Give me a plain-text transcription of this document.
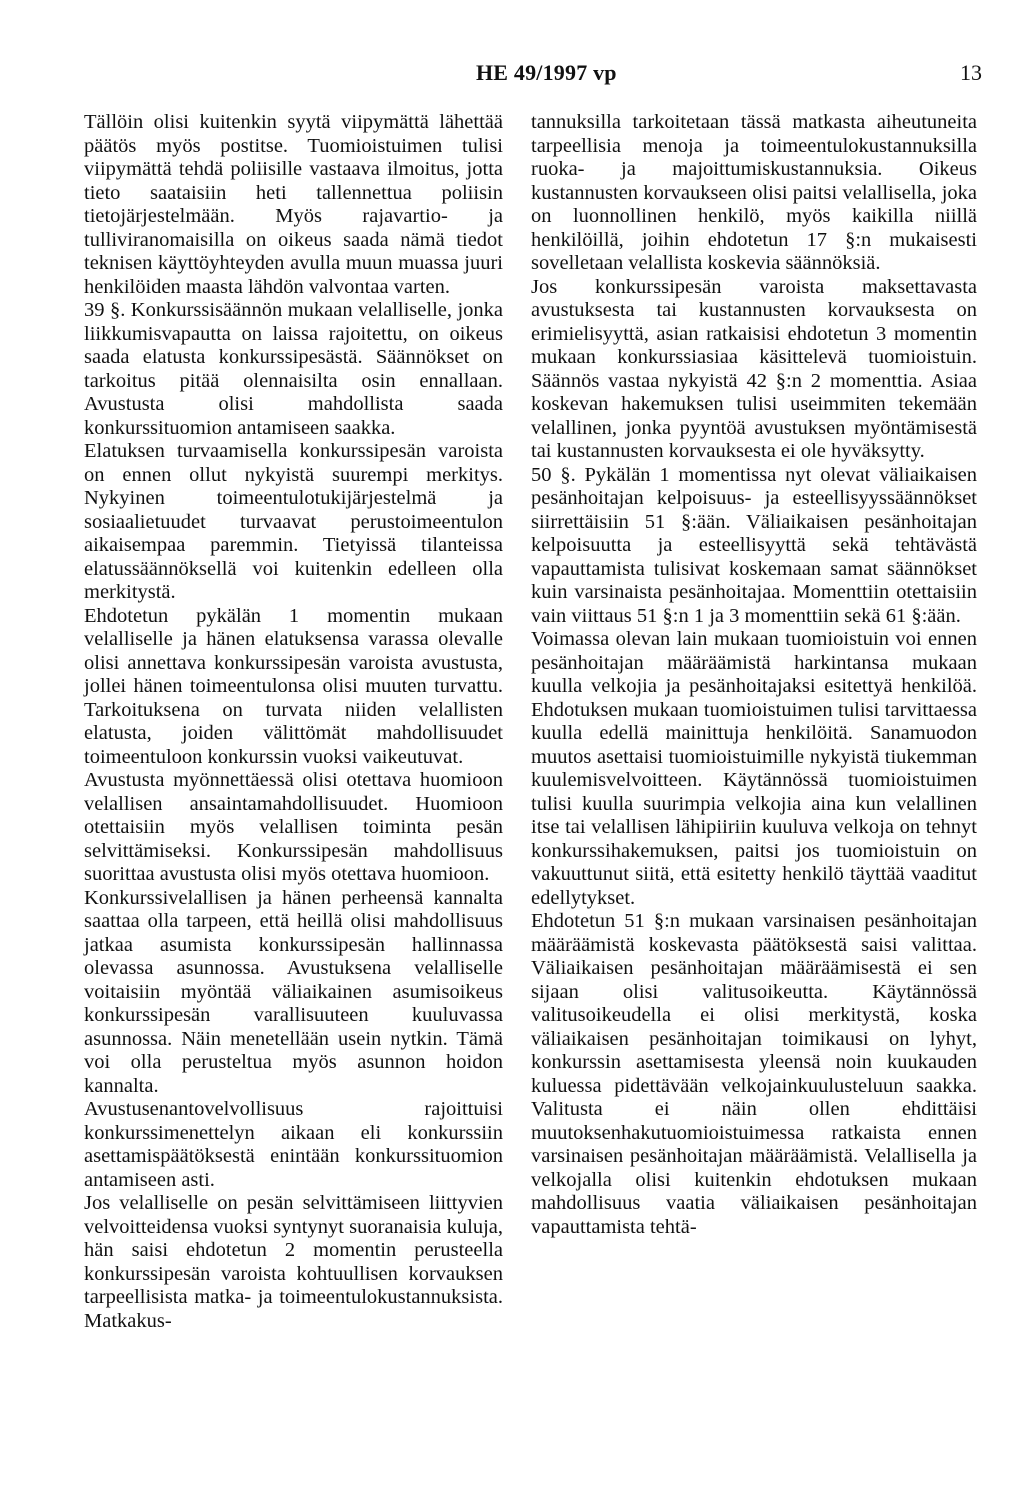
HE 49/1997 vp	13

Tällöin olisi kuitenkin syytä viipymättä lähettää päätös myös postitse. Tuomioistuimen tulisi viipymättä tehdä poliisille vastaava ilmoitus, jotta tieto saataisiin heti tallennettua poliisin tietojärjestelmään. Myös rajavartio- ja tulliviranomaisilla on oikeus saada nämä tiedot teknisen käyttöyhteyden avulla muun muassa juuri henkilöiden maasta lähdön valvontaa varten.

39 §. Konkurssisäännön mukaan velalliselle, jonka liikkumisvapautta on laissa rajoitettu, on oikeus saada elatusta konkurssipesästä. Säännökset on tarkoitus pitää olennaisilta osin ennallaan. Avustusta olisi mahdollista saada konkurssituomion antamiseen saakka.

Elatuksen turvaamisella konkurssipesän varoista on ennen ollut nykyistä suurempi merkitys. Nykyinen toimeentulotukijärjestelmä ja sosiaalietuudet turvaavat perustoimeentulon aikaisempaa paremmin. Tietyissä tilanteissa elatussäännöksellä voi kuitenkin edelleen olla merkitystä.

Ehdotetun pykälän 1 momentin mukaan velalliselle ja hänen elatuksensa varassa olevalle olisi annettava konkurssipesän varoista avustusta, jollei hänen toimeentulonsa olisi muuten turvattu. Tarkoituksena on turvata niiden velallisten elatusta, joiden välittömät mahdollisuudet toimeentuloon konkurssin vuoksi vaikeutuvat.

Avustusta myönnettäessä olisi otettava huomioon velallisen ansaintamahdollisuudet. Huomioon otettaisiin myös velallisen toiminta pesän selvittämiseksi. Konkurssipesän mahdollisuus suorittaa avustusta olisi myös otettava huomioon.

Konkurssivelallisen ja hänen perheensä kannalta saattaa olla tarpeen, että heillä olisi mahdollisuus jatkaa asumista konkurssipesän hallinnassa olevassa asunnossa. Avustuksena velalliselle voitaisiin myöntää väliaikainen asumisoikeus konkurssipesän varallisuuteen kuuluvassa asunnossa. Näin menetellään usein nytkin. Tämä voi olla perusteltua myös asunnon hoidon kannalta.

Avustusenantovelvollisuus rajoittuisi konkurssimenettelyn aikaan eli konkurssiin asettamispäätöksestä enintään konkurssituomion antamiseen asti.

Jos velalliselle on pesän selvittämiseen liittyvien velvoitteidensa vuoksi syntynyt suoranaisia kuluja, hän saisi ehdotetun 2 momentin perusteella konkurssipesän varoista kohtuullisen korvauksen tarpeellisista matka- ja toimeentulokustannuksista. Matkakus-

tannuksilla tarkoitetaan tässä matkasta aiheutuneita tarpeellisia menoja ja toimeentulokustannuksilla ruoka- ja majoittumiskustannuksia. Oikeus kustannusten korvaukseen olisi paitsi velallisella, joka on luonnollinen henkilö, myös kaikilla niillä henkilöillä, joihin ehdotetun 17 §:n mukaisesti sovelletaan velallista koskevia säännöksiä.

Jos konkurssipesän varoista maksettavasta avustuksesta tai kustannusten korvauksesta on erimielisyyttä, asian ratkaisisi ehdotetun 3 momentin mukaan konkurssiasiaa käsittelevä tuomioistuin. Säännös vastaa nykyistä 42 §:n 2 momenttia. Asiaa koskevan hakemuksen tulisi useimmiten tekemään velallinen, jonka pyyntöä avustuksen myöntämisestä tai kustannusten korvauksesta ei ole hyväksytty.

50 §. Pykälän 1 momentissa nyt olevat väliaikaisen pesänhoitajan kelpoisuus- ja esteellisyyssäännökset siirrettäisiin 51 §:ään. Väliaikaisen pesänhoitajan kelpoisuutta ja esteellisyyttä sekä tehtävästä vapauttamista tulisivat koskemaan samat säännökset kuin varsinaista pesänhoitajaa. Momenttiin otettaisiin vain viittaus 51 §:n 1 ja 3 momenttiin sekä 61 §:ään.

Voimassa olevan lain mukaan tuomioistuin voi ennen pesänhoitajan määräämistä harkintansa mukaan kuulla velkojia ja pesänhoitajaksi esitettyä henkilöä. Ehdotuksen mukaan tuomioistuimen tulisi tarvittaessa kuulla edellä mainittuja henkilöitä. Sanamuodon muutos asettaisi tuomioistuimille nykyistä tiukemman kuulemisvelvoitteen. Käytännössä tuomioistuimen tulisi kuulla suurimpia velkojia aina kun velallinen itse tai velallisen lähipiiriin kuuluva velkoja on tehnyt konkurssihakemuksen, paitsi jos tuomioistuin on vakuuttunut siitä, että esitetty henkilö täyttää vaaditut edellytykset.

Ehdotetun 51 §:n mukaan varsinaisen pesänhoitajan määräämistä koskevasta päätöksestä saisi valittaa. Väliaikaisen pesänhoitajan määräämisestä ei sen sijaan olisi valitusoikeutta. Käytännössä valitusoikeudella ei olisi merkitystä, koska väliaikaisen pesänhoitajan toimikausi on lyhyt, konkurssin asettamisesta yleensä noin kuukauden kuluessa pidettävään velkojainkuulusteluun saakka. Valitusta ei näin ollen ehdittäisi muutoksenhakutuomioistuimessa ratkaista ennen varsinaisen pesänhoitajan määräämistä. Velallisella ja velkojalla olisi kuitenkin ehdotuksen mukaan mahdollisuus vaatia väliaikaisen pesänhoitajan vapauttamista tehtä-
